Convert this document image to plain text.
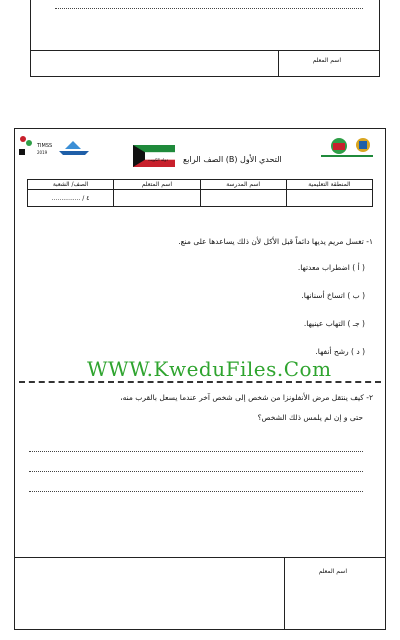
اسم المعلم
TIMSS
2019
دولة الكويت التحدي الأول (B) الصف الرابع
الصف/ الشعبة	اسم المتعلم	اسم المدرسة	المنطقة التعليمية
٤ / ...............			
١- تغسل مريم يديها دائماً قبل الأكل لأن ذلك يساعدها على منع.
( أ ) اضطراب معدتها.
( ب ) اتساخ أسنانها.
( جـ ) التهاب عينيها.
( د ) رشح أنفها.
WWW.KweduFiles.Com
٢- كيف ينتقل مرض الأنفلونزا من شخص إلى شخص آخر عندما يسعل بالقرب منه،
حتى و إن لم يلمس ذلك الشخص؟
اسم المعلم
